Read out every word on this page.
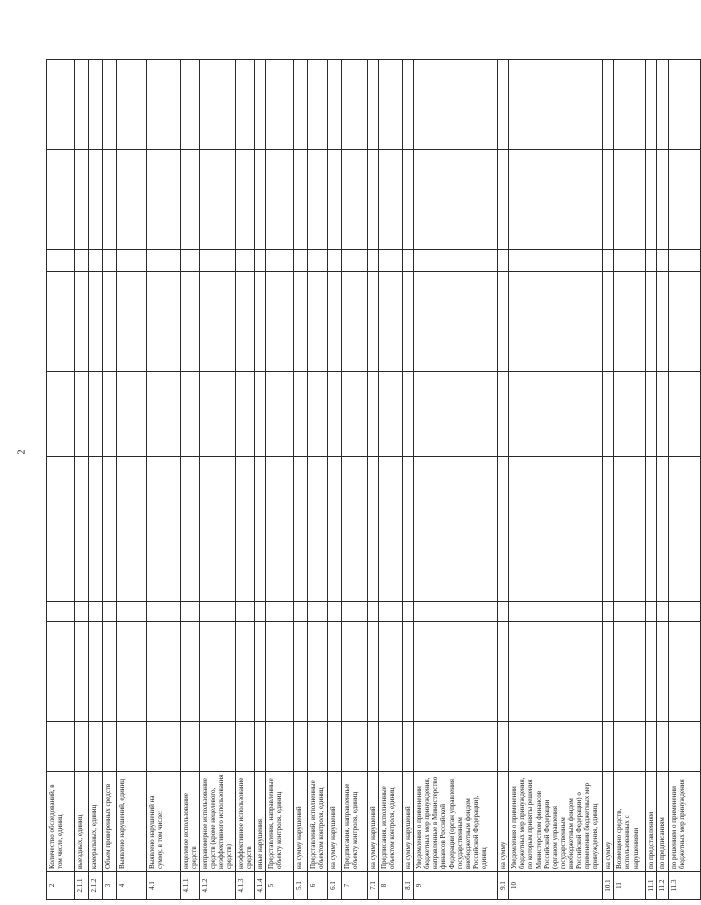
2
2	Количество обследований, в том числе, единиц									
2.1.1	выездных, единиц									
2.1.2	камеральных, единиц									
3	Объем проверенных средств									
4	Выявлено нарушений, единиц									
4.1	Выявлено нарушений на сумму, в том числе:									
4.1.1	нецелевое использование средств									
4.1.2	неправомерное использование средств (кроме нецелевого, неэффективного использования средств)									
4.1.3	неэффективное использование средств									
4.1.4	иные нарушения									
5	Представления, направленные объекту контроля, единиц									
5.1	на сумму нарушений									
6	Представлений, исполненные объектом контроля, единиц									
6.1	на сумму нарушений									
7	Предписания, направленные объекту контроля, единиц									
7.1	на сумму нарушений									
8	Предписания, исполненные объектом контроля, единиц									
8.1	на сумму нарушений									
9	Уведомления о применении бюджетных мер принуждения, направленные в Министерство финансов Российской Федерации (орган управления государственным внебюджетным фондом Российской Федерации), единиц									
9.1	на сумму									
10	Уведомления о применении бюджетных мер принуждения, по которым приняты решения Министерством финансов Российской Федерации (органом управления государственным внебюджетным фондом Российской Федерации) о применении бюджетных мер принуждения, единиц									
10.1	на сумму									
11	Возмещено средств, использованных с нарушениями									
11.1	по представлениям									
11.2	по предписаниям									
11.3	по решениям о применении бюджетных мер принуждения									
